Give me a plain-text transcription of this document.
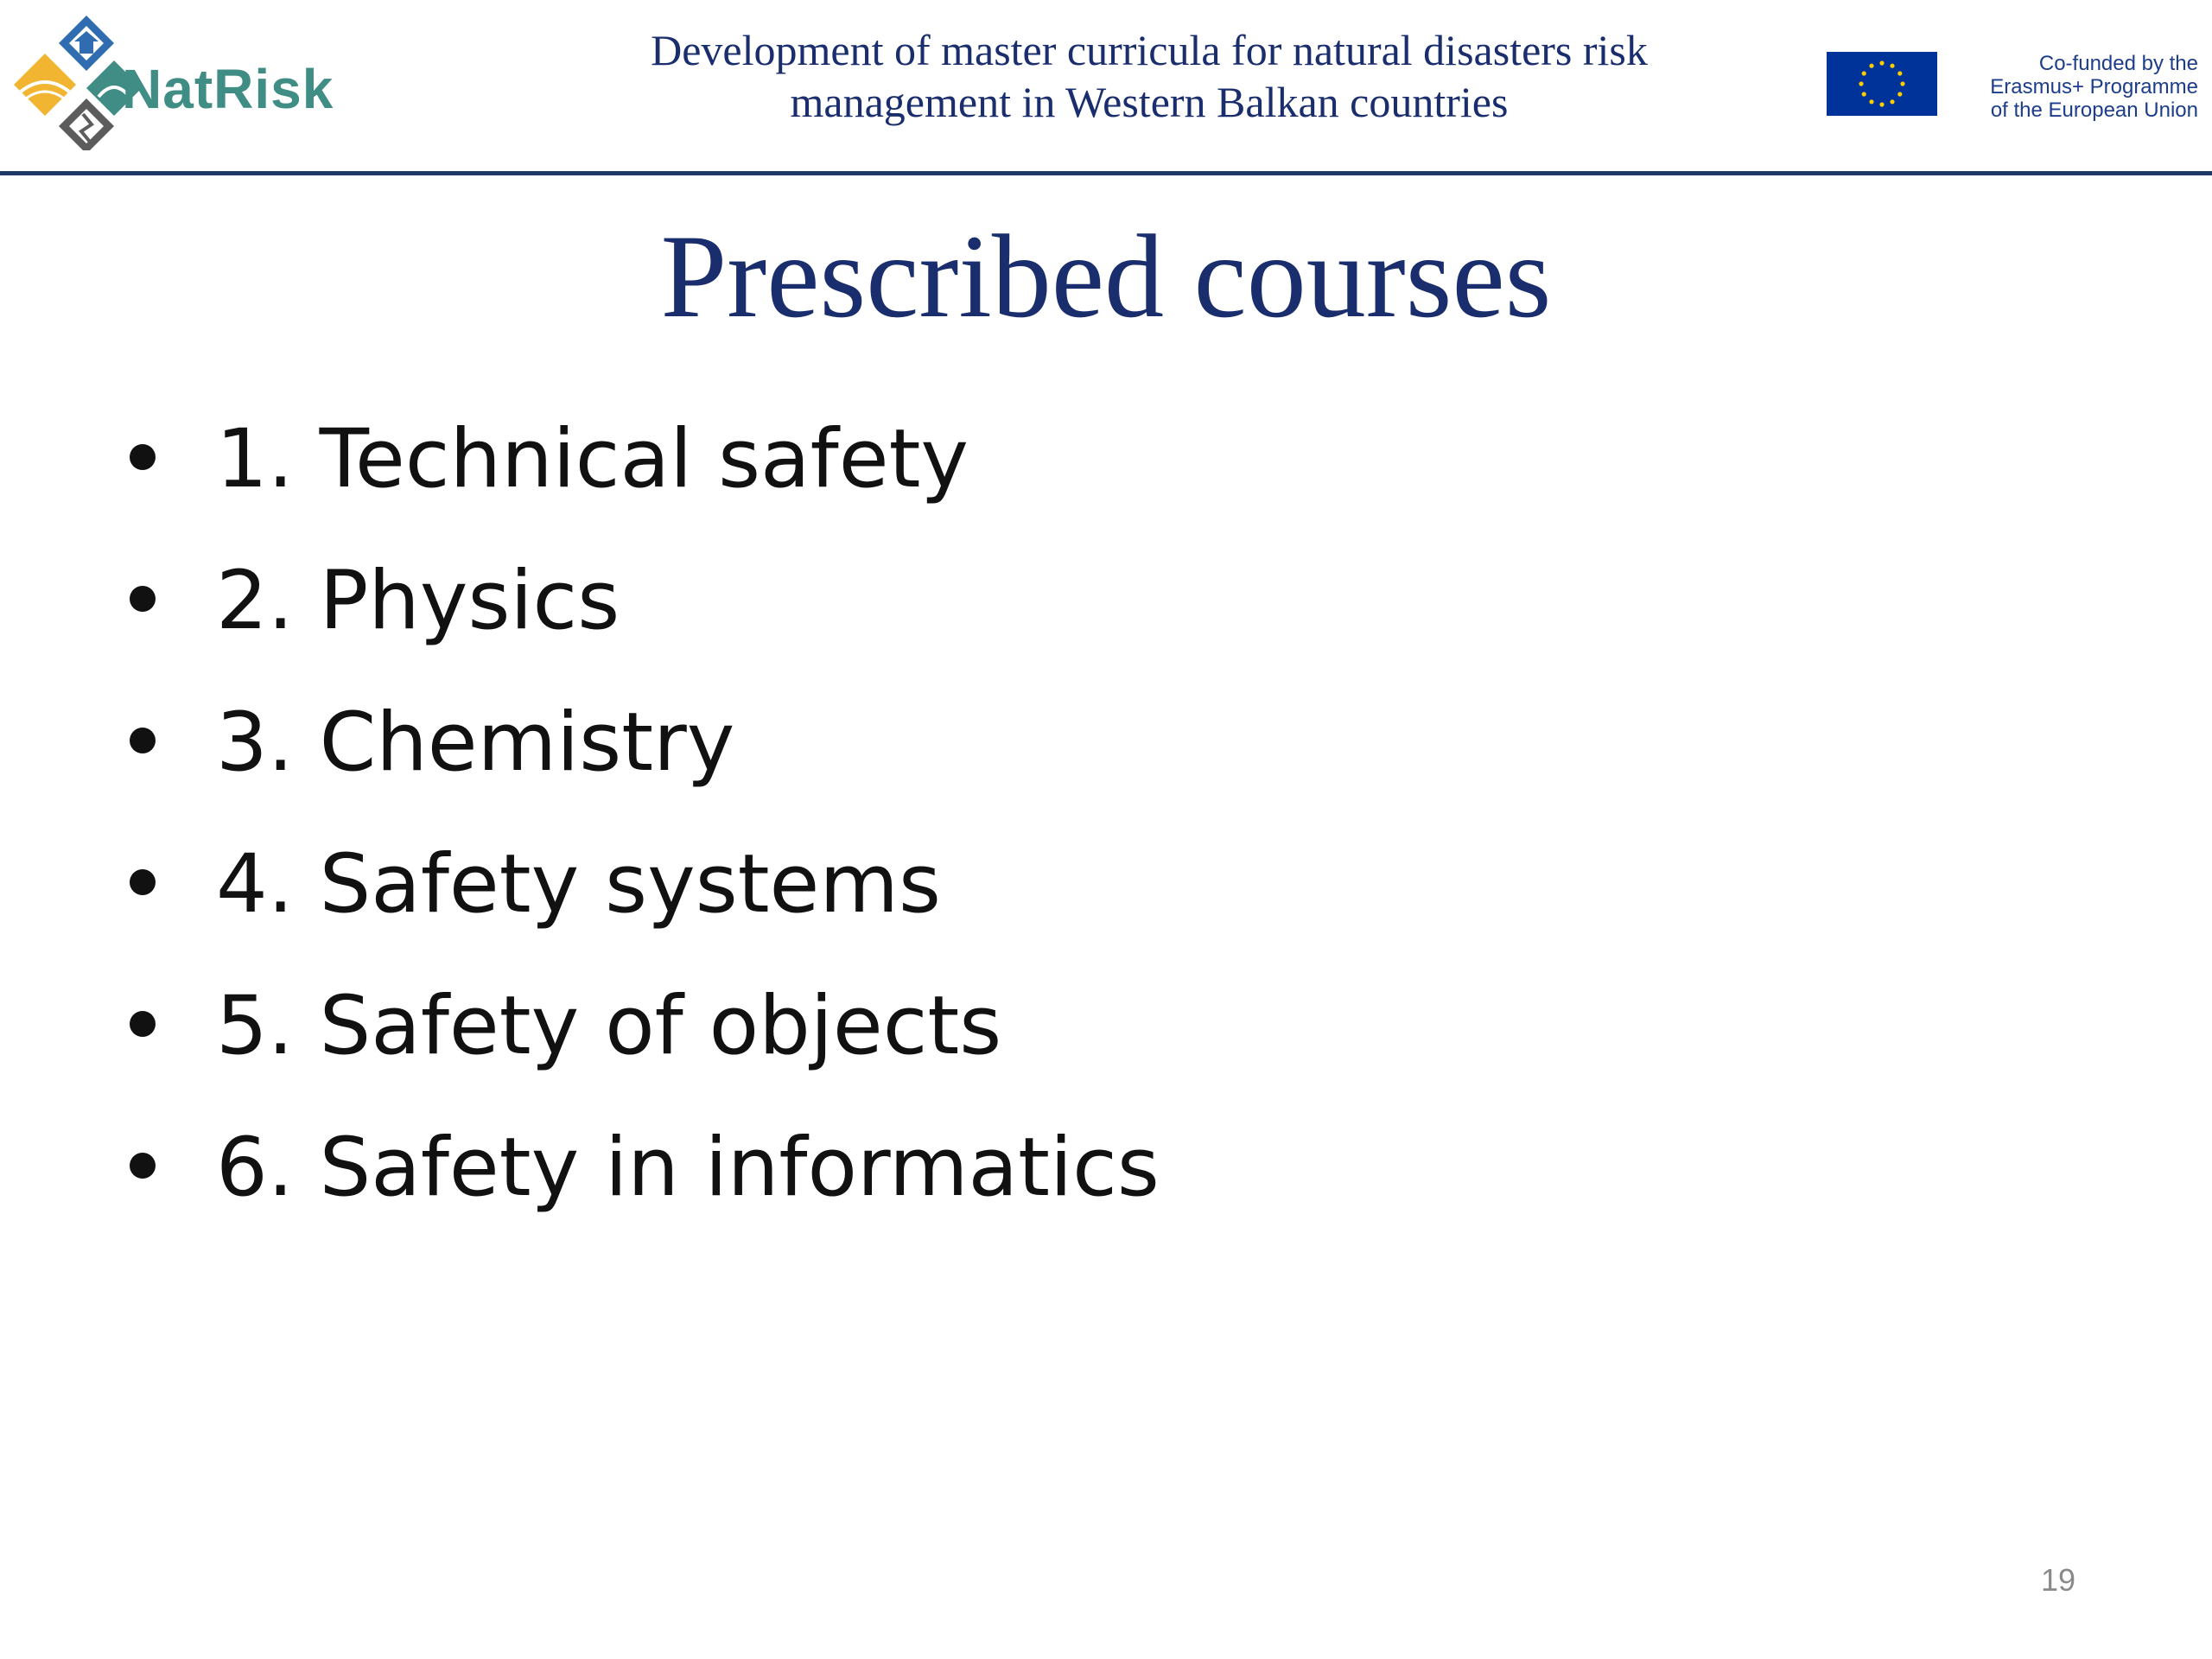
NatRisk
Development of master curricula for natural disasters risk
management in Western Balkan countries
Co-funded by the
Erasmus+ Programme
of the European Union
Prescribed courses
1. Technical safety
2. Physics
3. Chemistry
4. Safety systems
5. Safety of objects
6. Safety in informatics
19
